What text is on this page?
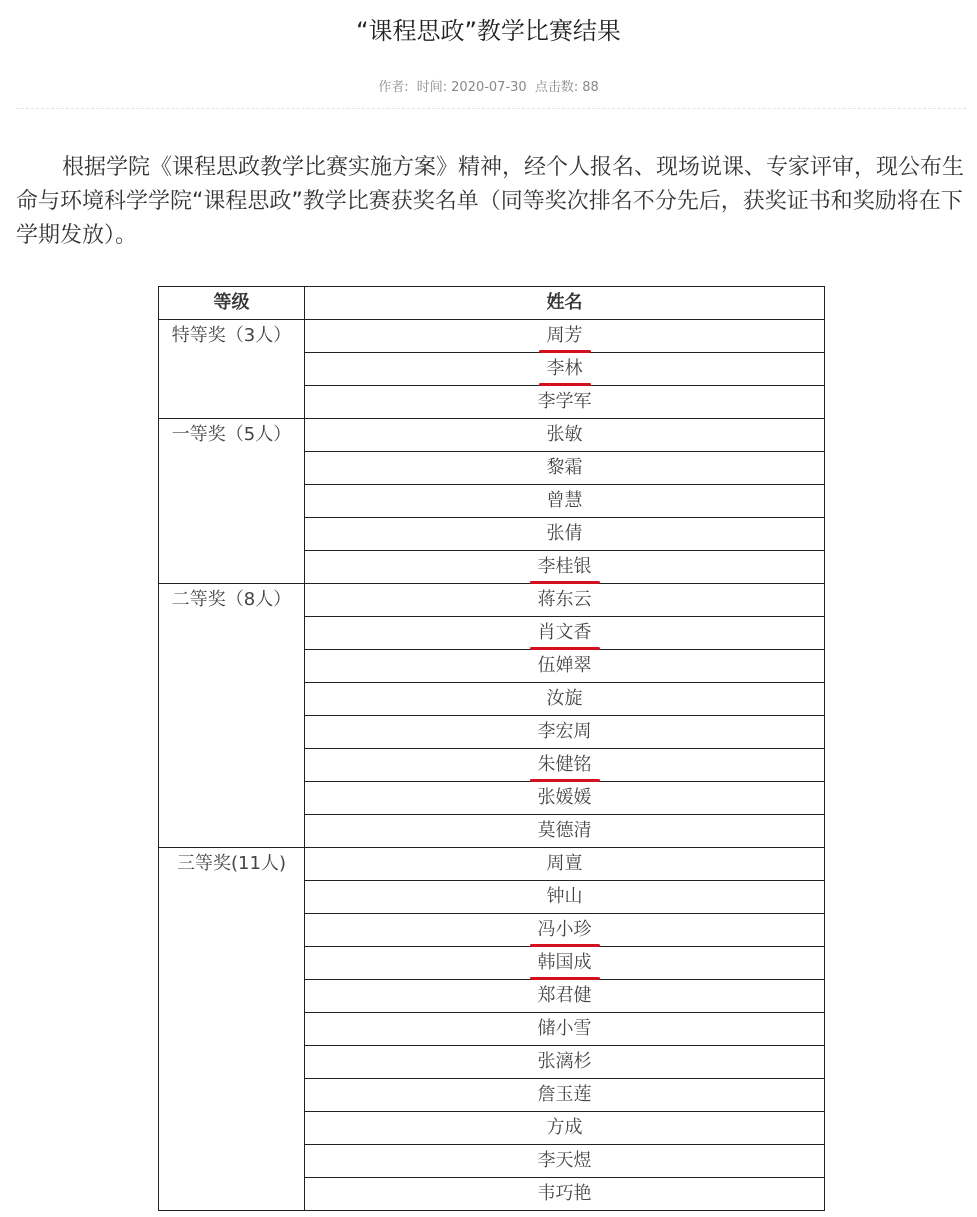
“课程思政”教学比赛结果
作者: 时间: 2020-07-30 点击数: 88

根据学院《课程思政教学比赛实施方案》精神，经个人报名、现场说课、专家评审，现公布生命与环境科学学院“课程思政”教学比赛获奖名单（同等奖次排名不分先后，获奖证书和奖励将在下学期发放）。

等级	姓名
特等奖（3人）	周芳
	李林
	李学军
一等奖（5人）	张敏
	黎霜
	曾慧
	张倩
	李桂银
二等奖（8人）	蒋东云
	肖文香
	伍婵翠
	汝旋
	李宏周
	朱健铭
	张媛媛
	莫德清
三等奖(11人)	周亶
	钟山
	冯小珍
	韩国成
	郑君健
	储小雪
	张漓杉
	詹玉莲
	方成
	李天煜
	韦巧艳
